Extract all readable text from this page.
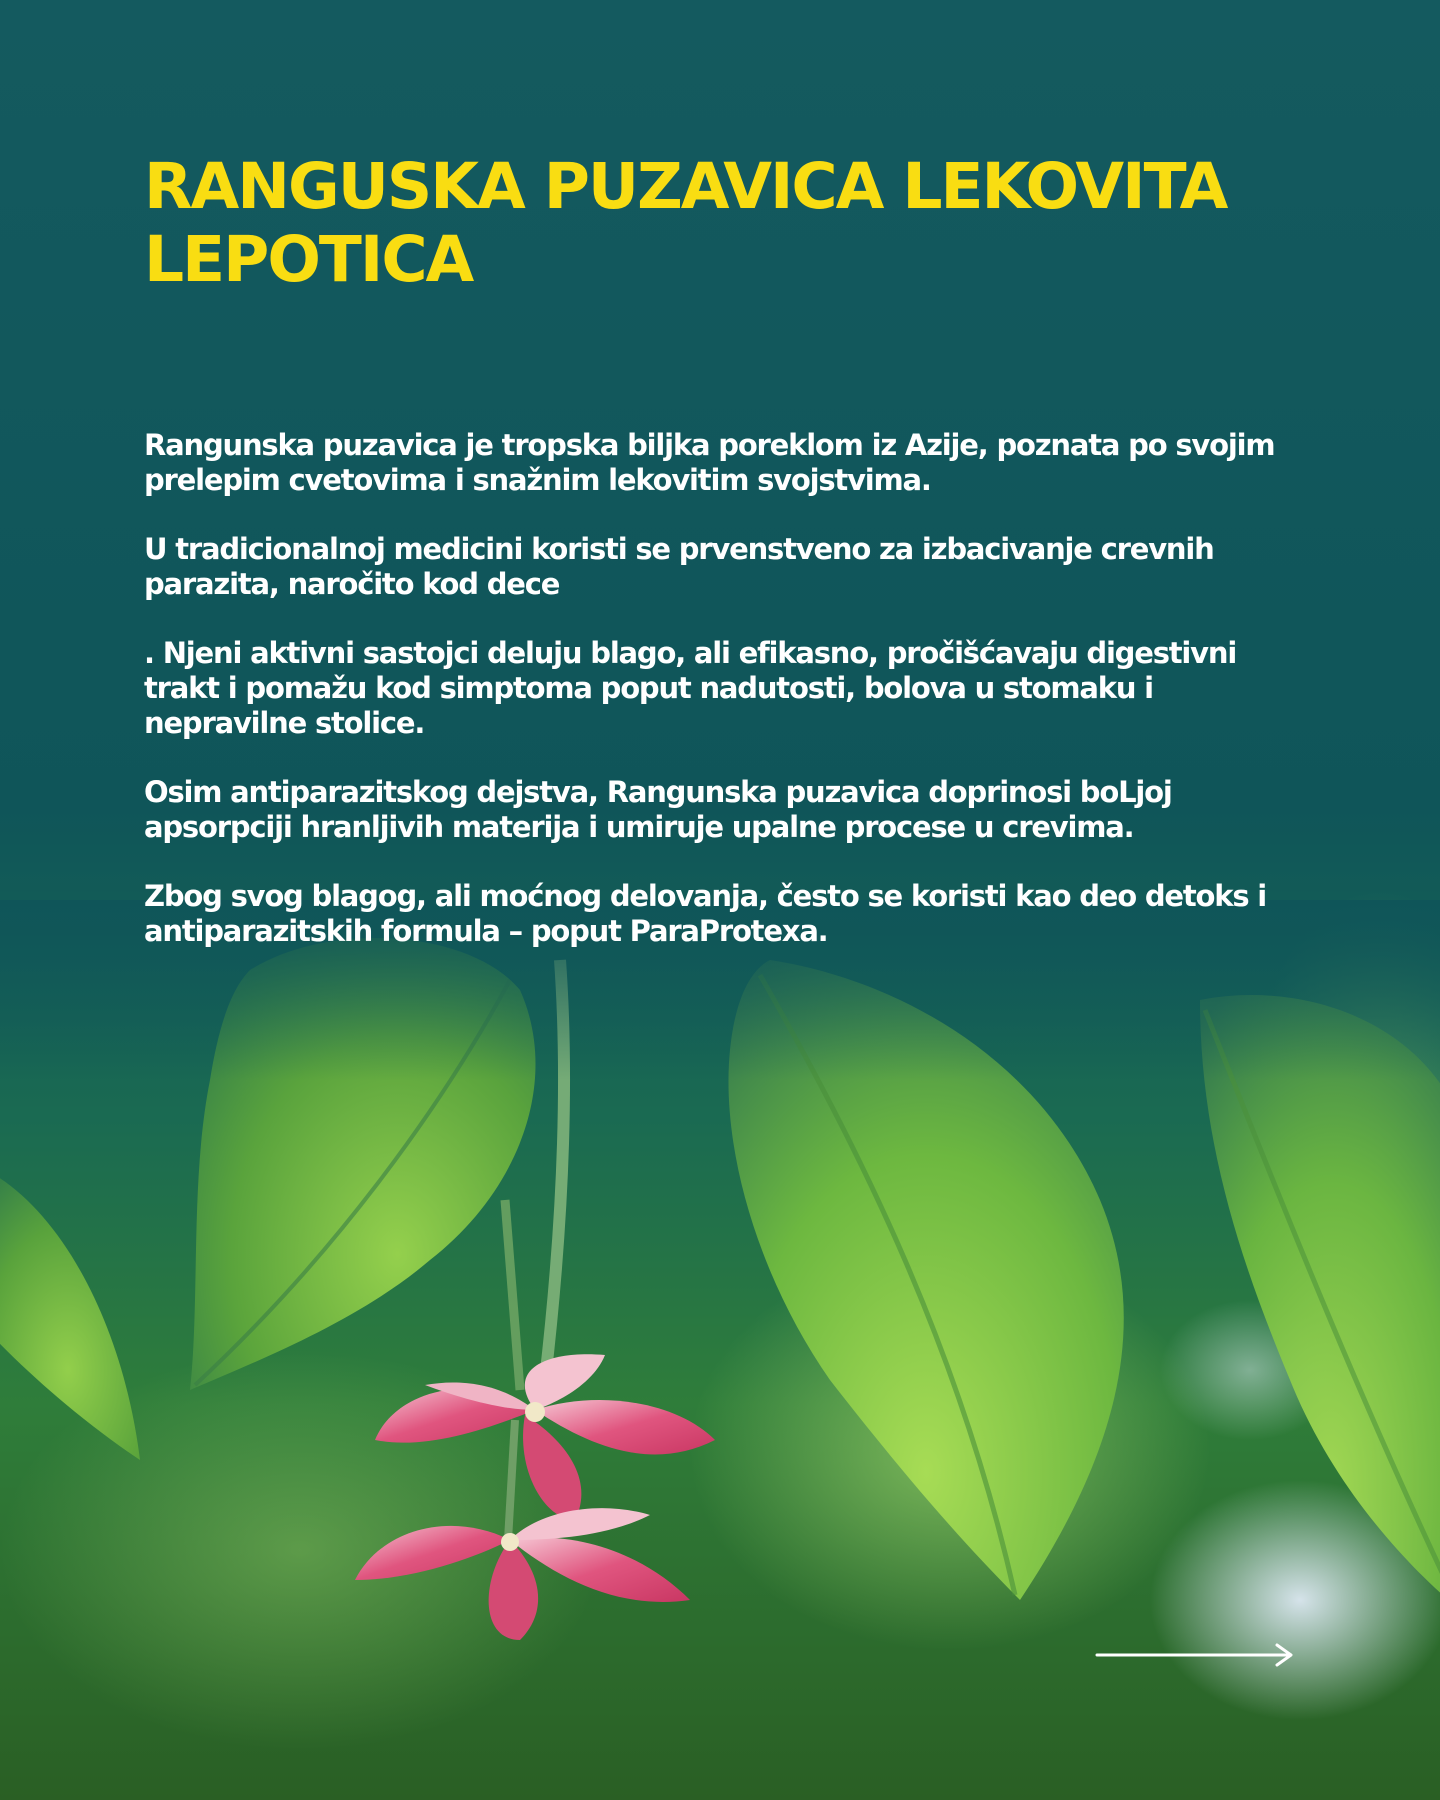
RANGUSKA PUZAVICA LEKOVITA LEPOTICA

Rangunska puzavica je tropska biljka poreklom iz Azije, poznata po svojim prelepim cvetovima i snažnim lekovitim svojstvima.

U tradicionalnoj medicini koristi se prvenstveno za izbacivanje crevnih parazita, naročito kod dece

. Njeni aktivni sastojci deluju blago, ali efikasno, pročišćavaju digestivni trakt i pomažu kod simptoma poput nadutosti, bolova u stomaku i nepravilne stolice.

Osim antiparazitskog dejstva, Rangunska puzavica doprinosi boLjoj apsorpciji hranljivih materija i umiruje upalne procese u crevima.

Zbog svog blagog, ali moćnog delovanja, često se koristi kao deo detoks i antiparazitskih formula – poput ParaProtexa.
